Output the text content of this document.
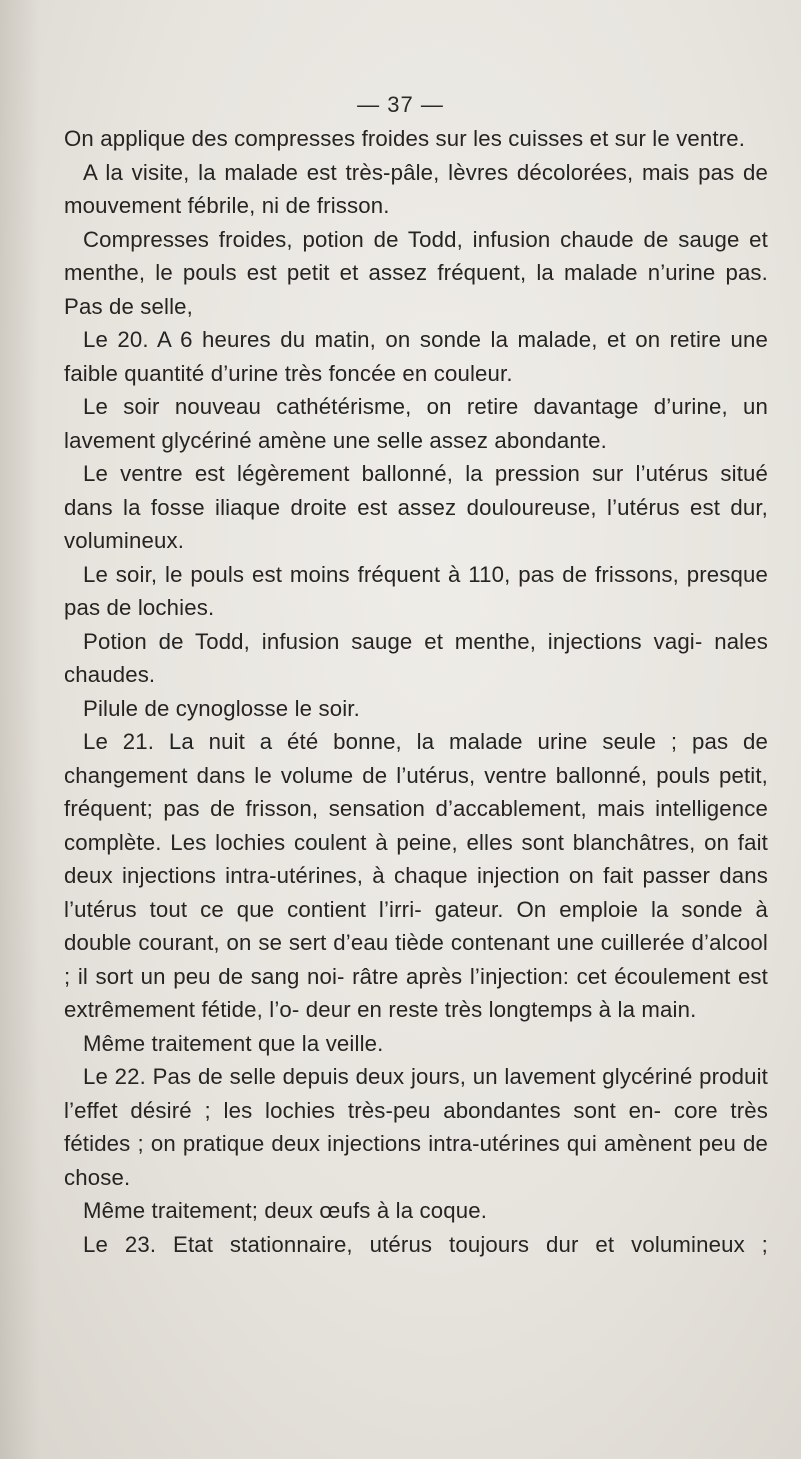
— 37 —

On applique des compresses froides sur les cuisses et sur le ventre.

A la visite, la malade est très-pâle, lèvres décolorées, mais pas de mouvement fébrile, ni de frisson.

Compresses froides, potion de Todd, infusion chaude de sauge et menthe, le pouls est petit et assez fréquent, la malade n’urine pas. Pas de selle,

Le 20. A 6 heures du matin, on sonde la malade, et on retire une faible quantité d’urine très foncée en couleur.

Le soir nouveau cathétérisme, on retire davantage d’urine, un lavement glycériné amène une selle assez abondante.

Le ventre est légèrement ballonné, la pression sur l’utérus situé dans la fosse iliaque droite est assez douloureuse, l’utérus est dur, volumineux.

Le soir, le pouls est moins fréquent à 110, pas de frissons, presque pas de lochies.

Potion de Todd, infusion sauge et menthe, injections vagi- nales chaudes.

Pilule de cynoglosse le soir.

Le 21. La nuit a été bonne, la malade urine seule ; pas de changement dans le volume de l’utérus, ventre ballonné, pouls petit, fréquent; pas de frisson, sensation d’accablement, mais intelligence complète. Les lochies coulent à peine, elles sont blanchâtres, on fait deux injections intra-utérines, à chaque injection on fait passer dans l’utérus tout ce que contient l’irri- gateur. On emploie la sonde à double courant, on se sert d’eau tiède contenant une cuillerée d’alcool ; il sort un peu de sang noi- râtre après l’injection: cet écoulement est extrêmement fétide, l’o- deur en reste très longtemps à la main.

Même traitement que la veille.

Le 22. Pas de selle depuis deux jours, un lavement glycériné produit l’effet désiré ; les lochies très-peu abondantes sont en- core très fétides ; on pratique deux injections intra-utérines qui amènent peu de chose.

Même traitement; deux œufs à la coque.

Le 23. Etat stationnaire, utérus toujours dur et volumineux ;
